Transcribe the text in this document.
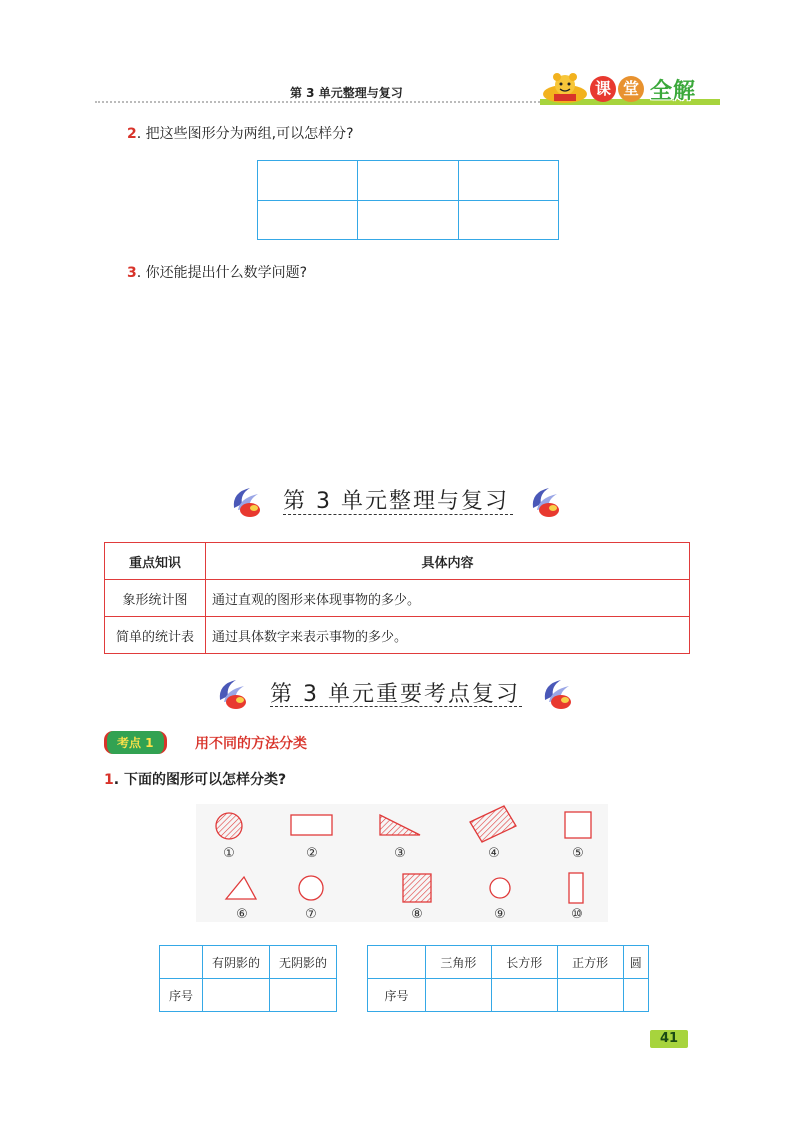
第 3 单元整理与复习	课 堂 全解
2. 把这些图形分为两组,可以怎样分?

3. 你还能提出什么数学问题?
第 3 单元整理与复习
重点知识	具体内容
象形统计图	通过直观的图形来体现事物的多少。
简单的统计表	通过具体数字来表示事物的多少。
第 3 单元重要考点复习
考点 1	用不同的方法分类
1. 下面的图形可以怎样分类?
①	②	③	④	⑤
⑥	⑦	⑧	⑨	⑩
	有阴影的	无阴影的
序号		
	三角形	长方形	正方形	圆
序号				
41
